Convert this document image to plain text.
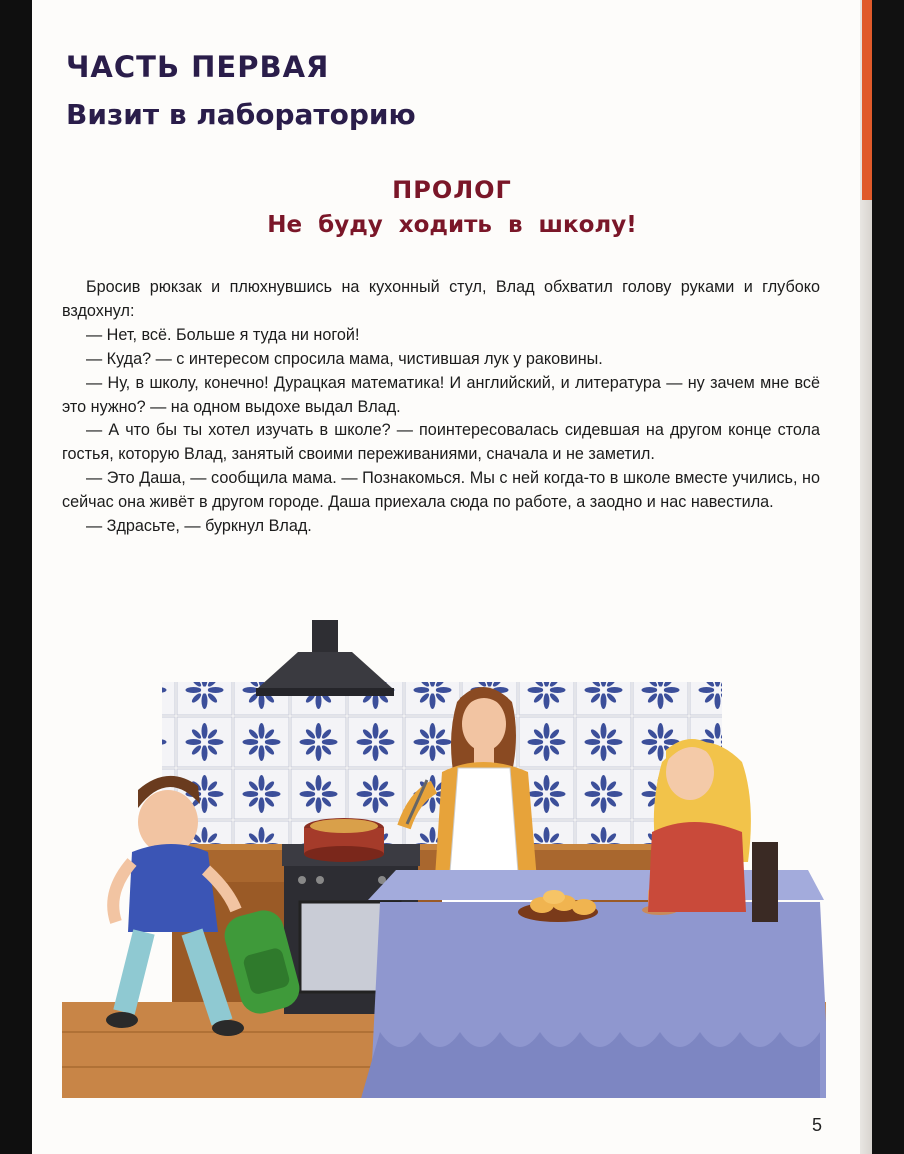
ЧАСТЬ ПЕРВАЯ
Визит в лабораторию
ПРОЛОГ
Не буду ходить в школу!

Бросив рюкзак и плюхнувшись на кухонный стул, Влад обхватил голову руками и глубоко вздохнул:

— Нет, всё. Больше я туда ни ногой!

— Куда? — с интересом спросила мама, чистившая лук у раковины.

— Ну, в школу, конечно! Дурацкая математика! И английский, и литература — ну зачем мне всё это нужно? — на одном выдохе выдал Влад.

— А что бы ты хотел изучать в школе? — поинтересовалась сидевшая на другом конце стола гостья, которую Влад, занятый своими переживаниями, сначала и не заметил.

— Это Даша, — сообщила мама. — Познакомься. Мы с ней когда-то в школе вместе учились, но сейчас она живёт в другом городе. Даша приехала сюда по работе, а заодно и нас навестила.

— Здрасьте, — буркнул Влад.

5
